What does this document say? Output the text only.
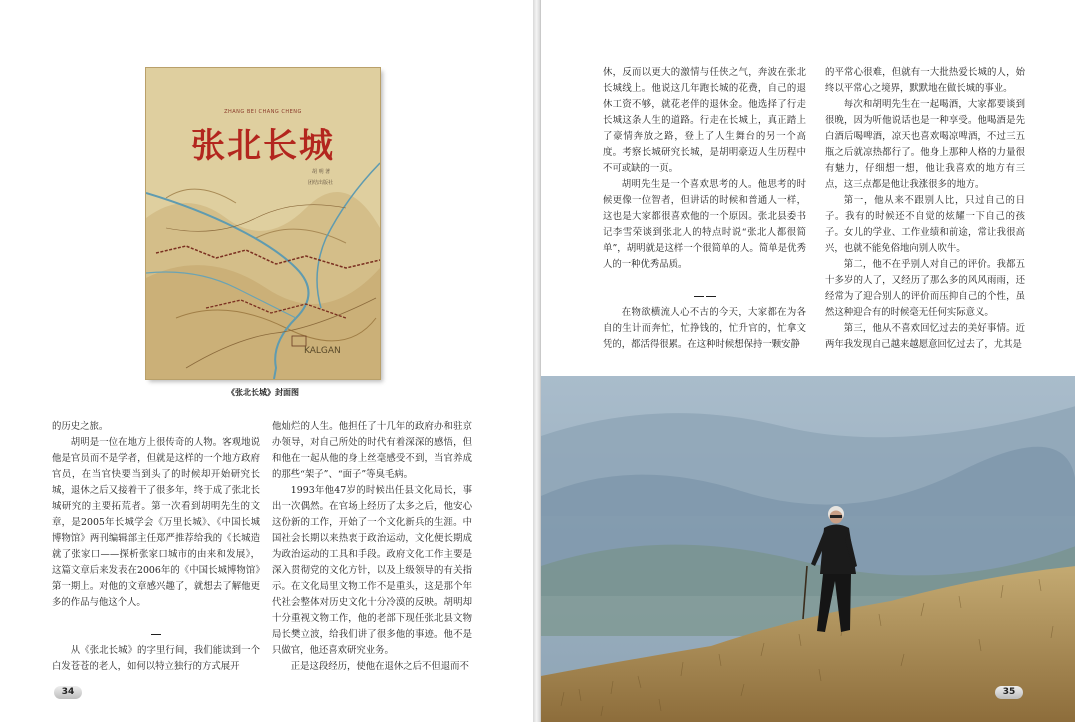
ZHANG BEI CHANG CHENG
张北长城
胡 明 著
团结出版社
KALGAN
《张北长城》封面图

的历史之旅。

胡明是一位在地方上很传奇的人物。客观地说他是官员而不是学者，但就是这样的一个地方政府官员，在当官快要当到头了的时候却开始研究长城，退休之后又接着干了很多年，终于成了张北长城研究的主要拓荒者。第一次看到胡明先生的文章，是2005年长城学会《万里长城》、《中国长城博物馆》两刊编辑部主任郑严推荐给我的《长城造就了张家口——探析张家口城市的由来和发展》，这篇文章后来发表在2006年的《中国长城博物馆》第一期上。对他的文章感兴趣了，就想去了解他更多的作品与他这个人。

从《张北长城》的字里行间，我们能读到一个白发苍苍的老人，如何以特立独行的方式展开

他灿烂的人生。他担任了十几年的政府办和驻京办领导，对自己所处的时代有着深深的感悟，但和他在一起从他的身上丝毫感受不到，当官养成的那些“架子”、“面子”等臭毛病。

1993年他47岁的时候出任县文化局长，事出一次偶然。在官场上经历了太多之后，他安心这份新的工作，开始了一个文化新兵的生涯。中国社会长期以来热衷于政治运动，文化便长期成为政治运动的工具和手段。政府文化工作主要是深入贯彻党的文化方针，以及上级领导的有关指示。在文化局里文物工作不是重头，这是那个年代社会整体对历史文化十分冷漠的反映。胡明却十分重视文物工作，他的老部下现任张北县文物局长樊立波，给我们讲了很多他的事迹。他不是只做官，他还喜欢研究业务。

正是这段经历，使他在退休之后不但退而不

34

休，反而以更大的激情与任侠之气，奔波在张北长城线上。他说这几年跑长城的花费，自己的退休工资不够，就花老伴的退休金。他选择了行走长城这条人生的道路。行走在长城上，真正踏上了豪情奔放之路，登上了人生舞台的另一个高度。考察长城研究长城，是胡明豪迈人生历程中不可或缺的一页。

胡明先生是一个喜欢思考的人。他思考的时候更像一位智者，但讲话的时候和普通人一样，这也是大家都很喜欢他的一个原因。张北县委书记李雪荣谈到张北人的特点时说“张北人都很简单”，胡明就是这样一个很简单的人。简单是优秀人的一种优秀品质。

在物欲横流人心不古的今天，大家都在为各自的生计而奔忙，忙挣钱的，忙升官的，忙拿文凭的，都活得很累。在这种时候想保持一颗安静

的平常心很难，但就有一大批热爱长城的人，始终以平常心之境界，默默地在做长城的事业。

每次和胡明先生在一起喝酒，大家都要谈到很晚，因为听他说话也是一种享受。他喝酒是先白酒后喝啤酒，凉天也喜欢喝凉啤酒，不过三五瓶之后就凉热都行了。他身上那种人格的力量很有魅力，仔细想一想，他让我喜欢的地方有三点，这三点都是他让我涨很多的地方。

第一，他从来不跟别人比，只过自己的日子。我有的时候还不自觉的炫耀一下自己的孩子。女儿的学业、工作业绩和前途，常让我很高兴，也就不能免俗地向别人吹牛。

第二，他不在乎别人对自己的评价。我都五十多岁的人了，又经历了那么多的风风雨雨，还经常为了迎合别人的评价而压抑自己的个性，虽然这种迎合有的时候毫无任何实际意义。

第三，他从不喜欢回忆过去的美好事情。近两年我发现自己越来越愿意回忆过去了，尤其是

35
